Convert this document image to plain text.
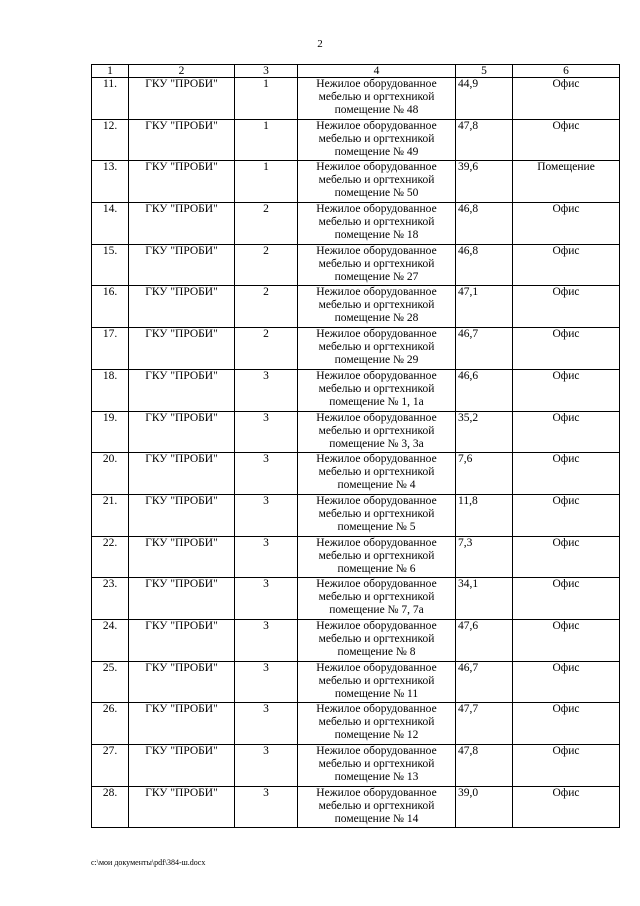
2
1	2	3	4	5	6
11.	ГКУ "ПРОБИ"	1	Нежилое оборудованное
мебелью и оргтехникой
помещение № 48	44,9	Офис
12.	ГКУ "ПРОБИ"	1	Нежилое оборудованное
мебелью и оргтехникой
помещение № 49	47,8	Офис
13.	ГКУ "ПРОБИ"	1	Нежилое оборудованное
мебелью и оргтехникой
помещение № 50	39,6	Помещение
14.	ГКУ "ПРОБИ"	2	Нежилое оборудованное
мебелью и оргтехникой
помещение № 18	46,8	Офис
15.	ГКУ "ПРОБИ"	2	Нежилое оборудованное
мебелью и оргтехникой
помещение № 27	46,8	Офис
16.	ГКУ "ПРОБИ"	2	Нежилое оборудованное
мебелью и оргтехникой
помещение № 28	47,1	Офис
17.	ГКУ "ПРОБИ"	2	Нежилое оборудованное
мебелью и оргтехникой
помещение № 29	46,7	Офис
18.	ГКУ "ПРОБИ"	3	Нежилое оборудованное
мебелью и оргтехникой
помещение № 1, 1а	46,6	Офис
19.	ГКУ "ПРОБИ"	3	Нежилое оборудованное
мебелью и оргтехникой
помещение № 3, 3а	35,2	Офис
20.	ГКУ "ПРОБИ"	3	Нежилое оборудованное
мебелью и оргтехникой
помещение № 4	7,6	Офис
21.	ГКУ "ПРОБИ"	3	Нежилое оборудованное
мебелью и оргтехникой
помещение № 5	11,8	Офис
22.	ГКУ "ПРОБИ"	3	Нежилое оборудованное
мебелью и оргтехникой
помещение № 6	7,3	Офис
23.	ГКУ "ПРОБИ"	3	Нежилое оборудованное
мебелью и оргтехникой
помещение № 7, 7а	34,1	Офис
24.	ГКУ "ПРОБИ"	3	Нежилое оборудованное
мебелью и оргтехникой
помещение № 8	47,6	Офис
25.	ГКУ "ПРОБИ"	3	Нежилое оборудованное
мебелью и оргтехникой
помещение № 11	46,7	Офис
26.	ГКУ "ПРОБИ"	3	Нежилое оборудованное
мебелью и оргтехникой
помещение № 12	47,7	Офис
27.	ГКУ "ПРОБИ"	3	Нежилое оборудованное
мебелью и оргтехникой
помещение № 13	47,8	Офис
28.	ГКУ "ПРОБИ"	3	Нежилое оборудованное
мебелью и оргтехникой
помещение № 14	39,0	Офис
c:\мои документы\pdf\384-ш.docx
